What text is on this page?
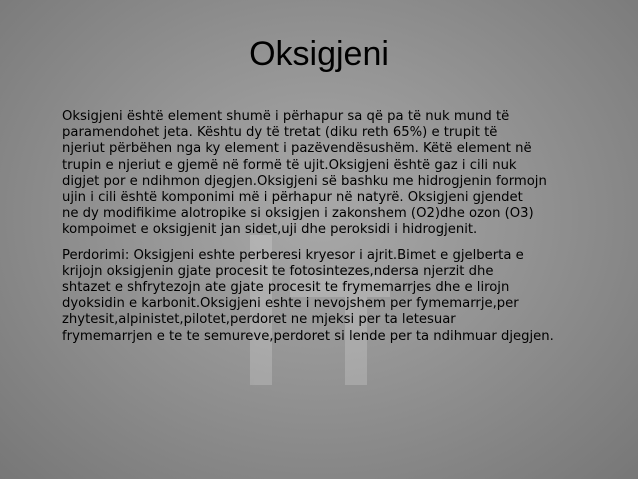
Oksigjeni

Oksigjeni është element shumë i përhapur sa që pa të nuk mund të
paramendohet jeta. Kështu dy të tretat (diku reth 65%) e trupit të
njeriut përbëhen nga ky element i pazëvendësushëm. Këtë element në
trupin e njeriut e gjemë në formë të ujit.Oksigjeni është gaz i cili nuk
digjet por e ndihmon djegjen.Oksigjeni së bashku me hidrogjenin formojn
ujin i cili është komponimi më i përhapur në natyrë. Oksigjeni gjendet
ne dy modifikime alotropike si oksigjen i zakonshem (O2)dhe ozon (O3)
kompoimet e oksigjenit jan sidet,uji dhe peroksidi i hidrogjenit.

Perdorimi: Oksigjeni eshte perberesi kryesor i ajrit.Bimet e gjelberta e
krijojn oksigjenin gjate procesit te fotosintezes,ndersa njerzit dhe
shtazet e shfrytezojn ate gjate procesit te frymemarrjes dhe e lirojn
dyoksidin e karbonit.Oksigjeni eshte i nevojshem per fymemarrje,per
zhytesit,alpinistet,pilotet,perdoret ne mjeksi per ta letesuar
frymemarrjen e te te semureve,perdoret si lende per ta ndihmuar djegjen.
